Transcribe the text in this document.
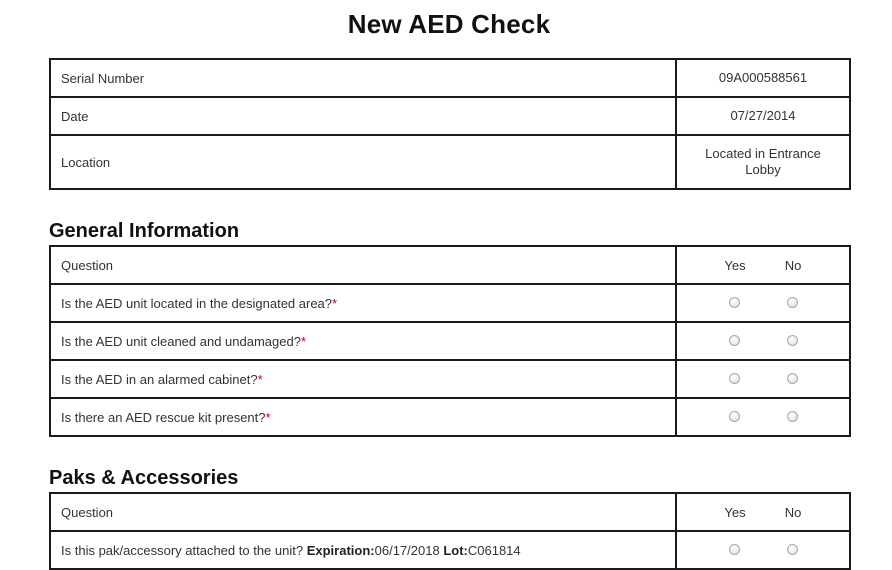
New AED Check
Serial Number	09A000588561
Date	07/27/2014
Location	Located in Entrance Lobby
General Information
Question	Yes No

Is the AED unit located in the designated area?*	

Is the AED unit cleaned and undamaged?*	

Is the AED in an alarmed cabinet?*	

Is there an AED rescue kit present?*	
Paks & Accessories
Question	Yes No

Is this pak/accessory attached to the unit? Expiration:06/17/2018 Lot:C061814	
